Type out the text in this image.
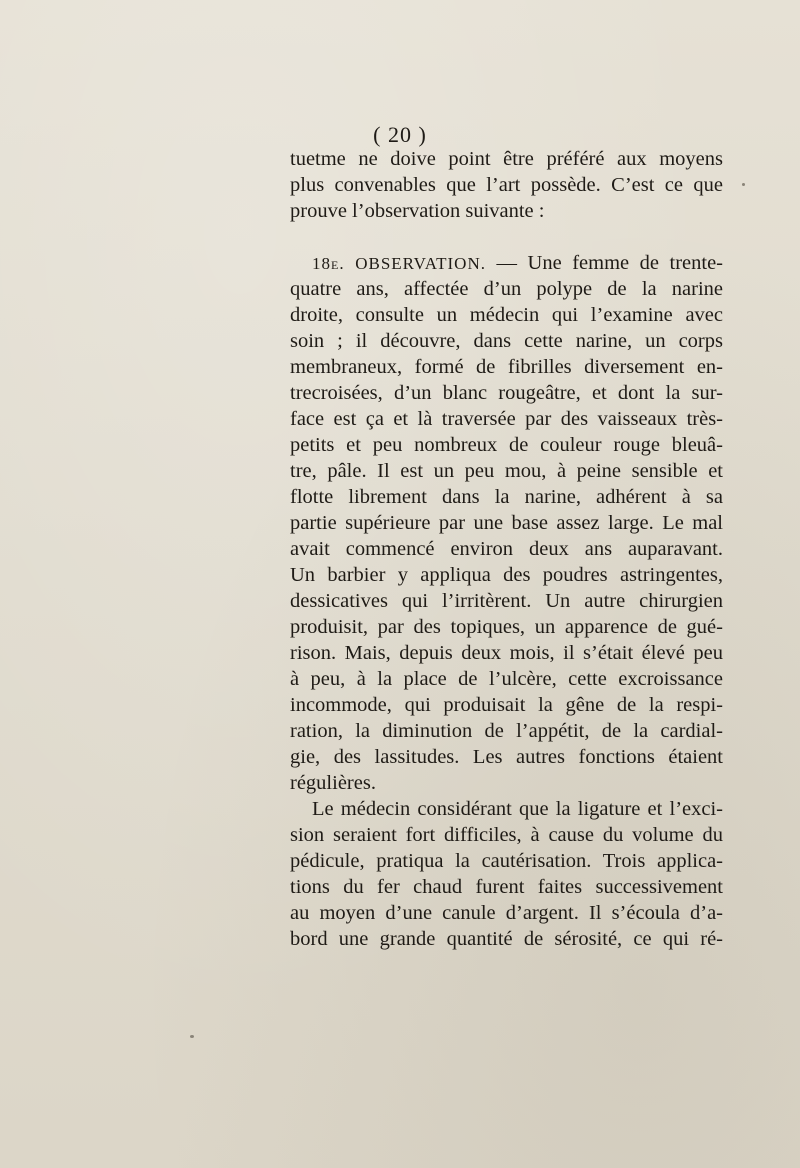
( 20 )
tuetme ne doive point être préféré aux moyens
plus convenables que l’art possède. C’est ce que
prouve l’observation suivante :
18e. OBSERVATION. — Une femme de trente-
quatre ans, affectée d’un polype de la narine
droite, consulte un médecin qui l’examine avec
soin ; il découvre, dans cette narine, un corps
membraneux, formé de fibrilles diversement en-
trecroisées, d’un blanc rougeâtre, et dont la sur-
face est ça et là traversée par des vaisseaux très-
petits et peu nombreux de couleur rouge bleuâ-
tre, pâle. Il est un peu mou, à peine sensible et
flotte librement dans la narine, adhérent à sa
partie supérieure par une base assez large. Le mal
avait commencé environ deux ans auparavant.
Un barbier y appliqua des poudres astringentes,
dessicatives qui l’irritèrent. Un autre chirurgien
produisit, par des topiques, un apparence de gué-
rison. Mais, depuis deux mois, il s’était élevé peu
à peu, à la place de l’ulcère, cette excroissance
incommode, qui produisait la gêne de la respi-
ration, la diminution de l’appétit, de la cardial-
gie, des lassitudes. Les autres fonctions étaient
régulières.
Le médecin considérant que la ligature et l’exci-
sion seraient fort difficiles, à cause du volume du
pédicule, pratiqua la cautérisation. Trois applica-
tions du fer chaud furent faites successivement
au moyen d’une canule d’argent. Il s’écoula d’a-
bord une grande quantité de sérosité, ce qui ré-
